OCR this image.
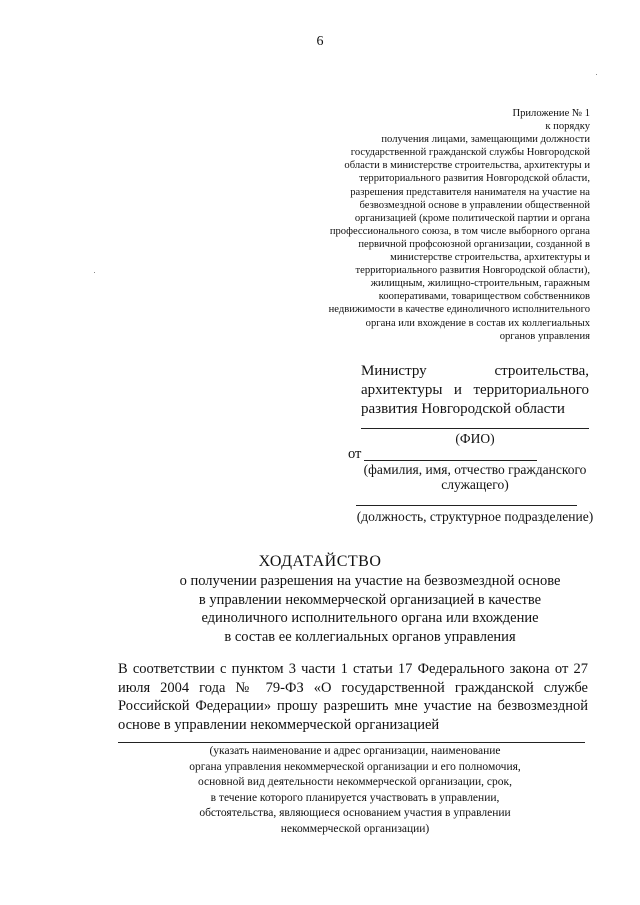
6
Приложение № 1
к порядку
получения лицами, замещающими должности
государственной гражданской службы Новгородской
области в министерстве строительства, архитектуры и
территориального развития Новгородской области,
разрешения представителя нанимателя на участие на
безвозмездной основе в управлении общественной
организацией (кроме политической партии и органа
профессионального союза, в том числе выборного органа
первичной профсоюзной организации, созданной в
министерстве строительства, архитектуры и
территориального развития Новгородской области),
жилищным, жилищно-строительным, гаражным
кооперативами, товариществом собственников
недвижимости в качестве единоличного исполнительного
органа или вхождение в состав их коллегиальных
органов управления
Министру строительства,
архитектуры и территориального
развития Новгородской области
(ФИО)
от
(фамилия, имя, отчество гражданского
служащего)
(должность, структурное подразделение)
ХОДАТАЙСТВО
о получении разрешения на участие на безвозмездной основе
в управлении некоммерческой организацией в качестве
единоличного исполнительного органа или вхождение
в состав ее коллегиальных органов управления
В соответствии с пунктом 3 части 1 статьи 17 Федерального закона от 27
июля 2004 года № 79-ФЗ «О государственной гражданской службе
Российской Федерации» прошу разрешить мне участие на безвозмездной
основе в управлении некоммерческой организацией
(указать наименование и адрес организации, наименование
органа управления некоммерческой организации и его полномочия,
основной вид деятельности некоммерческой организации, срок,
в течение которого планируется участвовать в управлении,
обстоятельства, являющиеся основанием участия в управлении
некоммерческой организации)
